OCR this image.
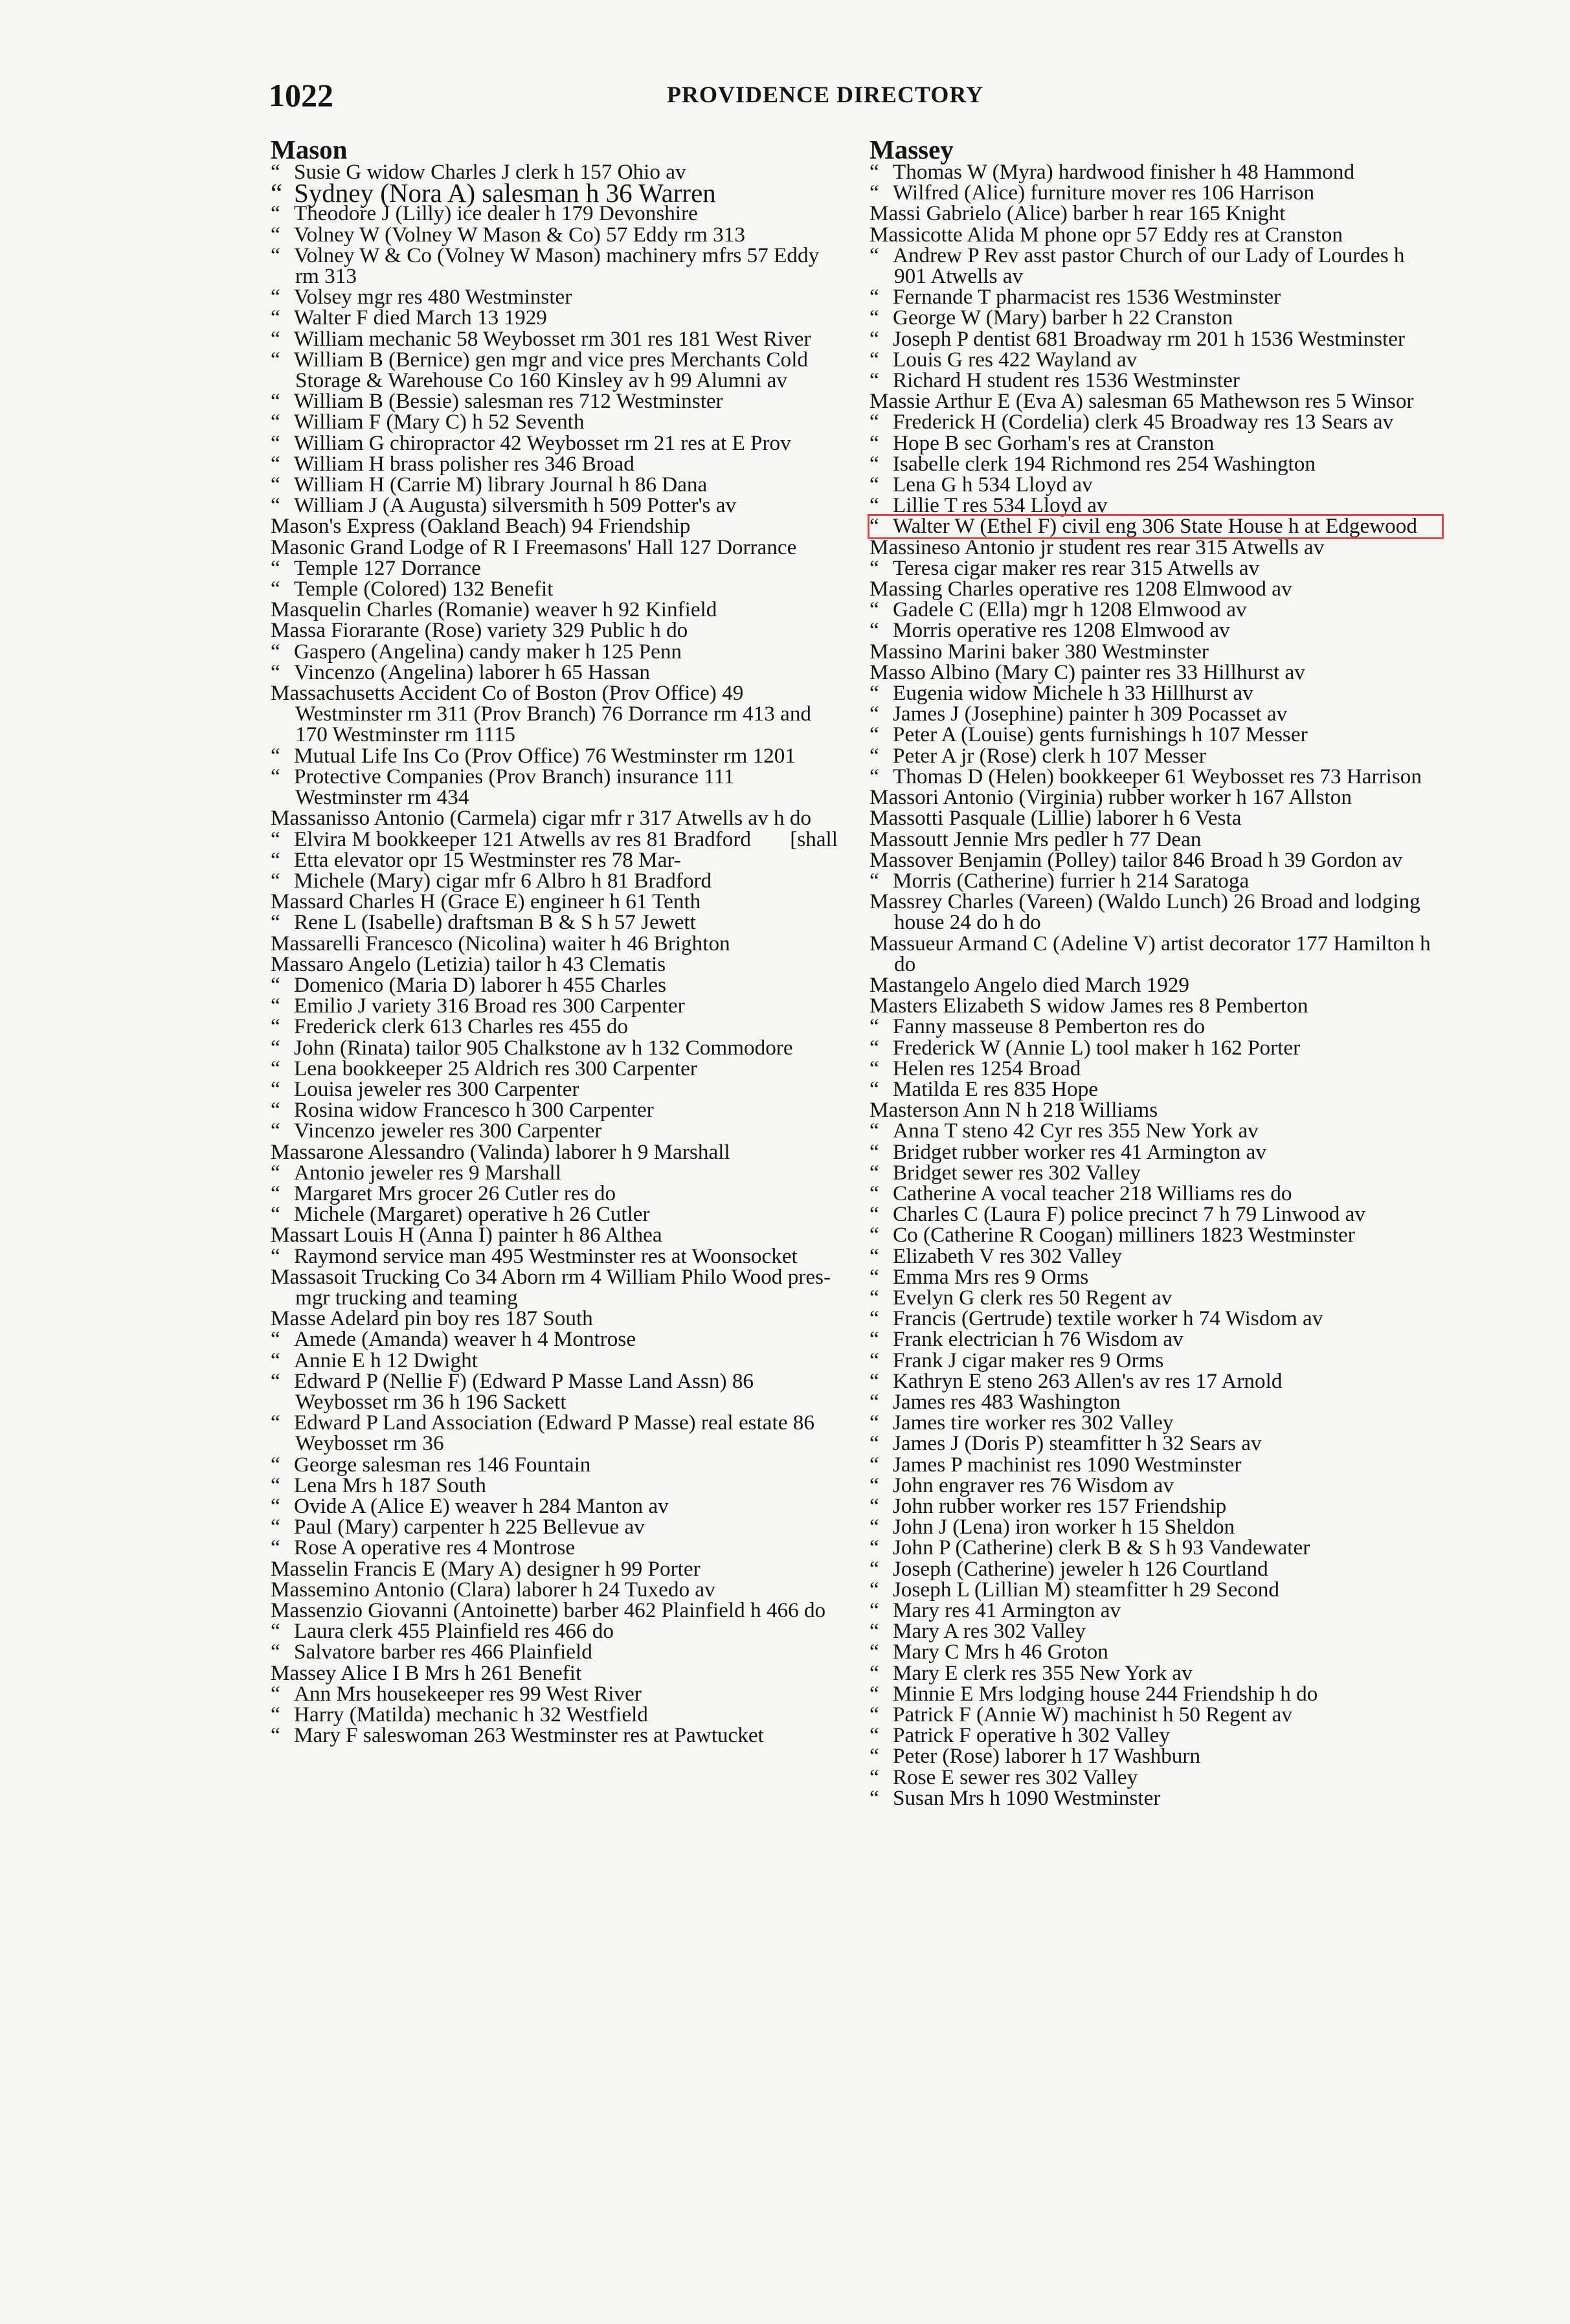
1022	PROVIDENCE DIRECTORY
Mason
“ Susie G widow Charles J clerk h 157 Ohio av
“ Sydney (Nora A) salesman h 36 Warren
“ Theodore J (Lilly) ice dealer h 179 Devonshire
“ Volney W (Volney W Mason & Co) 57 Eddy rm 313
“ Volney W & Co (Volney W Mason) machinery mfrs 57 Eddy rm 313
“ Volsey mgr res 480 Westminster
“ Walter F died March 13 1929
“ William mechanic 58 Weybosset rm 301 res 181 West River
“ William B (Bernice) gen mgr and vice pres Merchants Cold Storage & Warehouse Co 160 Kinsley av h 99 Alumni av
“ William B (Bessie) salesman res 712 Westminster
“ William F (Mary C) h 52 Seventh
“ William G chiropractor 42 Weybosset rm 21 res at E Prov
“ William H brass polisher res 346 Broad
“ William H (Carrie M) library Journal h 86 Dana
“ William J (A Augusta) silversmith h 509 Potter's av
Mason's Express (Oakland Beach) 94 Friendship
Masonic Grand Lodge of R I Freemasons' Hall 127 Dorrance
“ Temple 127 Dorrance
“ Temple (Colored) 132 Benefit
Masquelin Charles (Romanie) weaver h 92 Kinfield
Massa Fiorarante (Rose) variety 329 Public h do
“ Gaspero (Angelina) candy maker h 125 Penn
“ Vincenzo (Angelina) laborer h 65 Hassan
Massachusetts Accident Co of Boston (Prov Office) 49 Westminster rm 311 (Prov Branch) 76 Dorrance rm 413 and 170 Westminster rm 1115
“ Mutual Life Ins Co (Prov Office) 76 Westminster rm 1201
“ Protective Companies (Prov Branch) insurance 111 Westminster rm 434
Massanisso Antonio (Carmela) cigar mfr r 317 Atwells av h do
“ Elvira M bookkeeper 121 Atwells av res 81 Bradford [shall
“ Etta elevator opr 15 Westminster res 78 Mar-
“ Michele (Mary) cigar mfr 6 Albro h 81 Bradford
Massard Charles H (Grace E) engineer h 61 Tenth
“ Rene L (Isabelle) draftsman B & S h 57 Jewett
Massarelli Francesco (Nicolina) waiter h 46 Brighton
Massaro Angelo (Letizia) tailor h 43 Clematis
“ Domenico (Maria D) laborer h 455 Charles
“ Emilio J variety 316 Broad res 300 Carpenter
“ Frederick clerk 613 Charles res 455 do
“ John (Rinata) tailor 905 Chalkstone av h 132 Commodore
“ Lena bookkeeper 25 Aldrich res 300 Carpenter
“ Louisa jeweler res 300 Carpenter
“ Rosina widow Francesco h 300 Carpenter
“ Vincenzo jeweler res 300 Carpenter
Massarone Alessandro (Valinda) laborer h 9 Marshall
“ Antonio jeweler res 9 Marshall
“ Margaret Mrs grocer 26 Cutler res do
“ Michele (Margaret) operative h 26 Cutler
Massart Louis H (Anna I) painter h 86 Althea
“ Raymond service man 495 Westminster res at Woonsocket
Massasoit Trucking Co 34 Aborn rm 4 William Philo Wood pres-mgr trucking and teaming
Masse Adelard pin boy res 187 South
“ Amede (Amanda) weaver h 4 Montrose
“ Annie E h 12 Dwight
“ Edward P (Nellie F) (Edward P Masse Land Assn) 86 Weybosset rm 36 h 196 Sackett
“ Edward P Land Association (Edward P Masse) real estate 86 Weybosset rm 36
“ George salesman res 146 Fountain
“ Lena Mrs h 187 South
“ Ovide A (Alice E) weaver h 284 Manton av
“ Paul (Mary) carpenter h 225 Bellevue av
“ Rose A operative res 4 Montrose
Masselin Francis E (Mary A) designer h 99 Porter
Massemino Antonio (Clara) laborer h 24 Tuxedo av
Massenzio Giovanni (Antoinette) barber 462 Plainfield h 466 do
“ Laura clerk 455 Plainfield res 466 do
“ Salvatore barber res 466 Plainfield
Massey Alice I B Mrs h 261 Benefit
“ Ann Mrs housekeeper res 99 West River
“ Harry (Matilda) mechanic h 32 Westfield
“ Mary F saleswoman 263 Westminster res at Pawtucket
Massey
“ Thomas W (Myra) hardwood finisher h 48 Hammond
“ Wilfred (Alice) furniture mover res 106 Harrison
Massi Gabrielo (Alice) barber h rear 165 Knight
Massicotte Alida M phone opr 57 Eddy res at Cranston
“ Andrew P Rev asst pastor Church of our Lady of Lourdes h 901 Atwells av
“ Fernande T pharmacist res 1536 Westminster
“ George W (Mary) barber h 22 Cranston
“ Joseph P dentist 681 Broadway rm 201 h 1536 Westminster
“ Louis G res 422 Wayland av
“ Richard H student res 1536 Westminster
Massie Arthur E (Eva A) salesman 65 Mathewson res 5 Winsor
“ Frederick H (Cordelia) clerk 45 Broadway res 13 Sears av
“ Hope B sec Gorham's res at Cranston
“ Isabelle clerk 194 Richmond res 254 Washington
“ Lena G h 534 Lloyd av
“ Lillie T res 534 Lloyd av
“ Walter W (Ethel F) civil eng 306 State House h at Edgewood
Massineso Antonio jr student res rear 315 Atwells av
“ Teresa cigar maker res rear 315 Atwells av
Massing Charles operative res 1208 Elmwood av
“ Gadele C (Ella) mgr h 1208 Elmwood av
“ Morris operative res 1208 Elmwood av
Massino Marini baker 380 Westminster
Masso Albino (Mary C) painter res 33 Hillhurst av
“ Eugenia widow Michele h 33 Hillhurst av
“ James J (Josephine) painter h 309 Pocasset av
“ Peter A (Louise) gents furnishings h 107 Messer
“ Peter A jr (Rose) clerk h 107 Messer
“ Thomas D (Helen) bookkeeper 61 Weybosset res 73 Harrison
Massori Antonio (Virginia) rubber worker h 167 Allston
Massotti Pasquale (Lillie) laborer h 6 Vesta
Massoutt Jennie Mrs pedler h 77 Dean
Massover Benjamin (Polley) tailor 846 Broad h 39 Gordon av
“ Morris (Catherine) furrier h 214 Saratoga
Massrey Charles (Vareen) (Waldo Lunch) 26 Broad and lodging house 24 do h do
Massueur Armand C (Adeline V) artist decorator 177 Hamilton h do
Mastangelo Angelo died March 1929
Masters Elizabeth S widow James res 8 Pemberton
“ Fanny masseuse 8 Pemberton res do
“ Frederick W (Annie L) tool maker h 162 Porter
“ Helen res 1254 Broad
“ Matilda E res 835 Hope
Masterson Ann N h 218 Williams
“ Anna T steno 42 Cyr res 355 New York av
“ Bridget rubber worker res 41 Armington av
“ Bridget sewer res 302 Valley
“ Catherine A vocal teacher 218 Williams res do
“ Charles C (Laura F) police precinct 7 h 79 Linwood av
“ Co (Catherine R Coogan) milliners 1823 Westminster
“ Elizabeth V res 302 Valley
“ Emma Mrs res 9 Orms
“ Evelyn G clerk res 50 Regent av
“ Francis (Gertrude) textile worker h 74 Wisdom av
“ Frank electrician h 76 Wisdom av
“ Frank J cigar maker res 9 Orms
“ Kathryn E steno 263 Allen's av res 17 Arnold
“ James res 483 Washington
“ James tire worker res 302 Valley
“ James J (Doris P) steamfitter h 32 Sears av
“ James P machinist res 1090 Westminster
“ John engraver res 76 Wisdom av
“ John rubber worker res 157 Friendship
“ John J (Lena) iron worker h 15 Sheldon
“ John P (Catherine) clerk B & S h 93 Vandewater
“ Joseph (Catherine) jeweler h 126 Courtland
“ Joseph L (Lillian M) steamfitter h 29 Second
“ Mary res 41 Armington av
“ Mary A res 302 Valley
“ Mary C Mrs h 46 Groton
“ Mary E clerk res 355 New York av
“ Minnie E Mrs lodging house 244 Friendship h do
“ Patrick F (Annie W) machinist h 50 Regent av
“ Patrick F operative h 302 Valley
“ Peter (Rose) laborer h 17 Washburn
“ Rose E sewer res 302 Valley
“ Susan Mrs h 1090 Westminster
